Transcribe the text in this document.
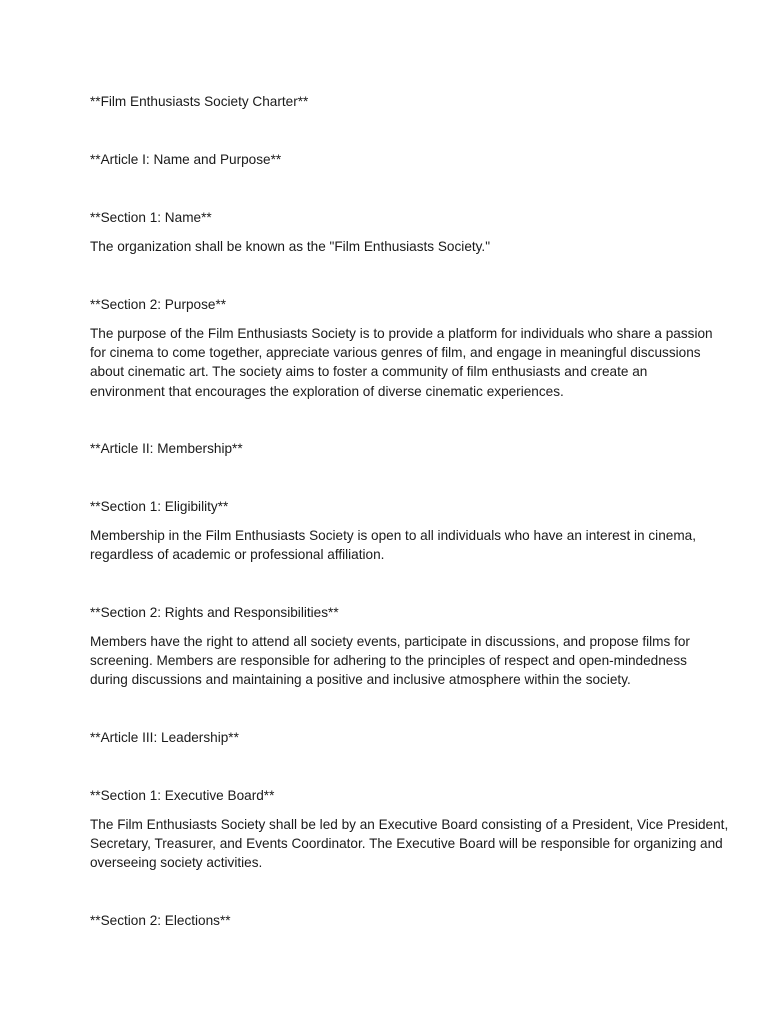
**Film Enthusiasts Society Charter**
**Article I: Name and Purpose**
**Section 1: Name**
The organization shall be known as the "Film Enthusiasts Society."
**Section 2: Purpose**
The purpose of the Film Enthusiasts Society is to provide a platform for individuals who share a passion
for cinema to come together, appreciate various genres of film, and engage in meaningful discussions
about cinematic art. The society aims to foster a community of film enthusiasts and create an
environment that encourages the exploration of diverse cinematic experiences.
**Article II: Membership**
**Section 1: Eligibility**
Membership in the Film Enthusiasts Society is open to all individuals who have an interest in cinema,
regardless of academic or professional affiliation.
**Section 2: Rights and Responsibilities**
Members have the right to attend all society events, participate in discussions, and propose films for
screening. Members are responsible for adhering to the principles of respect and open-mindedness
during discussions and maintaining a positive and inclusive atmosphere within the society.
**Article III: Leadership**
**Section 1: Executive Board**
The Film Enthusiasts Society shall be led by an Executive Board consisting of a President, Vice President,
Secretary, Treasurer, and Events Coordinator. The Executive Board will be responsible for organizing and
overseeing society activities.
**Section 2: Elections**
